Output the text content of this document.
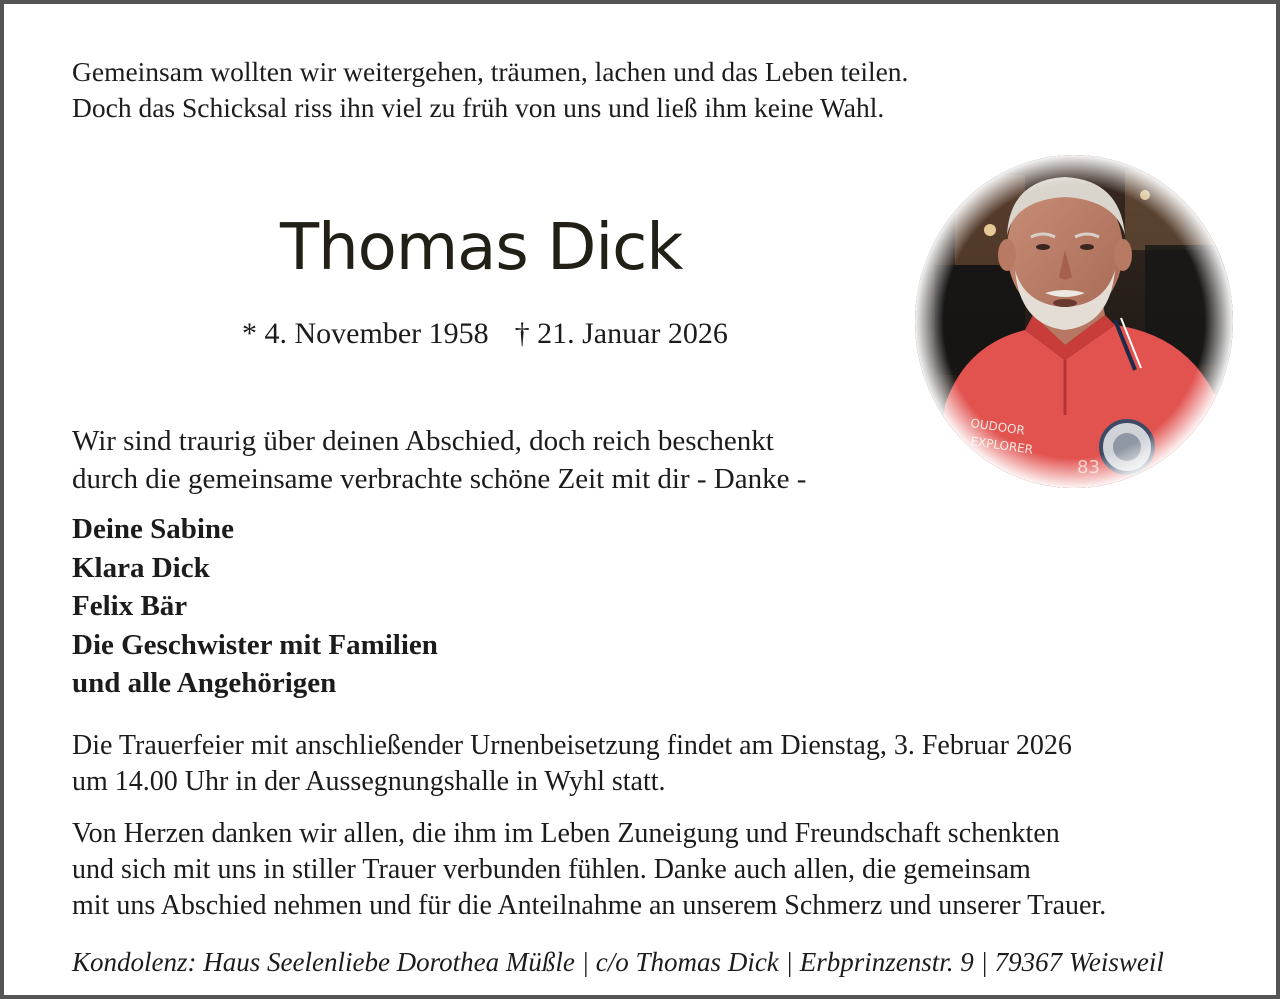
Gemeinsam wollten wir weitergehen, träumen, lachen und das Leben teilen.
Doch das Schicksal riss ihn viel zu früh von uns und ließ ihm keine Wahl.
Thomas Dick
* 4. November 1958 † 21. Januar 2026
Wir sind traurig über deinen Abschied, doch reich beschenkt
durch die gemeinsame verbrachte schöne Zeit mit dir - Danke -
Deine Sabine
Klara Dick
Felix Bär
Die Geschwister mit Familien
und alle Angehörigen
Die Trauerfeier mit anschließender Urnenbeisetzung findet am Dienstag, 3. Februar 2026
um 14.00 Uhr in der Aussegnungshalle in Wyhl statt.
Von Herzen danken wir allen, die ihm im Leben Zuneigung und Freundschaft schenkten
und sich mit uns in stiller Trauer verbunden fühlen. Danke auch allen, die gemeinsam
mit uns Abschied nehmen und für die Anteilnahme an unserem Schmerz und unserer Trauer.
Kondolenz: Haus Seelenliebe Dorothea Müßle | c/o Thomas Dick | Erbprinzenstr. 9 | 79367 Weisweil
